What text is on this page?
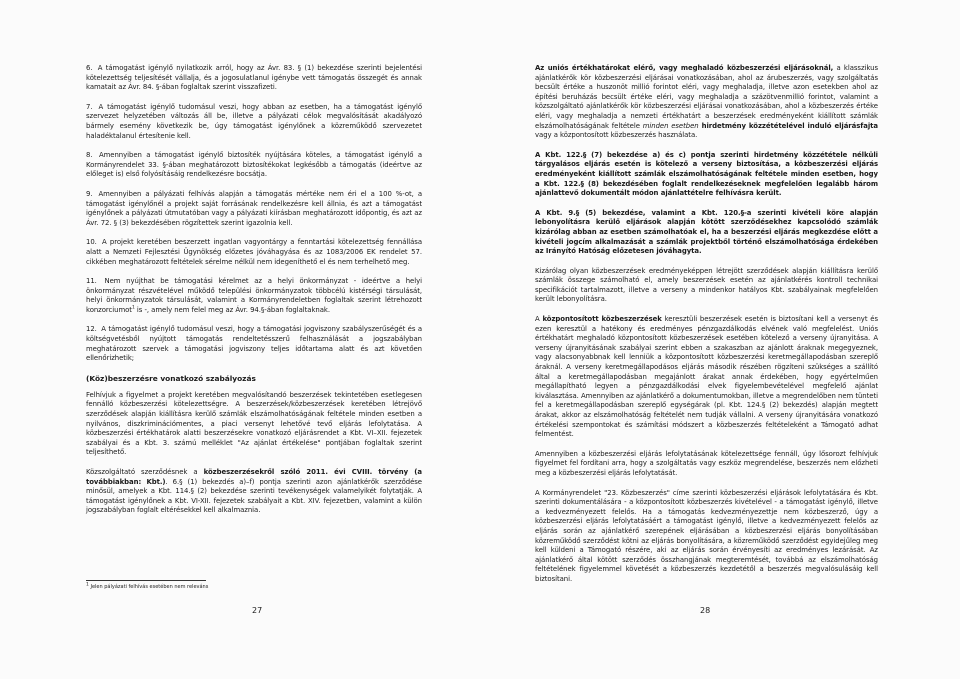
6. A támogatást igénylő nyilatkozik arról, hogy az Ávr. 83. § (1) bekezdése szerinti bejelentési kötelezettség teljesítését vállalja, és a jogosulatlanul igénybe vett támogatás összegét és annak kamatait az Ávr. 84. §-ában foglaltak szerint visszafizeti.
7. A támogatást igénylő tudomásul veszi, hogy abban az esetben, ha a támogatást igénylő szervezet helyzetében változás áll be, illetve a pályázati célok megvalósítását akadályozó bármely esemény következik be, úgy támogatást igénylőnek a közreműködő szervezetet haladéktalanul értesítenie kell.
8. Amennyiben a támogatást igénylő biztosíték nyújtására köteles, a támogatást igénylő a Kormányrendelet 33. §-ában meghatározott biztosítékokat legkésőbb a támogatás (ideértve az előleget is) első folyósításáig rendelkezésre bocsátja.
9. Amennyiben a pályázati felhívás alapján a támogatás mértéke nem éri el a 100 %-ot, a támogatást igénylőnél a projekt saját forrásának rendelkezésre kell állnia, és azt a támogatást igénylőnek a pályázati útmutatóban vagy a pályázati kiírásban meghatározott időpontig, és azt az Ávr. 72. § (3) bekezdésében rögzítettek szerint igazolnia kell.
10. A projekt keretében beszerzett ingatlan vagyontárgy a fenntartási kötelezettség fennállása alatt a Nemzeti Fejlesztési Ügynökség előzetes jóváhagyása és az 1083/2006 EK rendelet 57. cikkében meghatározott feltételek sérelme nélkül nem idegeníthető el és nem terhelhető meg.
11. Nem nyújthat be támogatási kérelmet az a helyi önkormányzat - ideértve a helyi önkormányzat részvételével működő települési önkormányzatok többcélú kistérségi társulását, helyi önkormányzatok társulását, valamint a Kormányrendeletben foglaltak szerint létrehozott konzorciumot$^1$ is -, amely nem felel meg az Ávr. 94.§-ában foglaltaknak.
12. A támogatást igénylő tudomásul veszi, hogy a támogatási jogviszony szabályszerűségét és a költségvetésből nyújtott támogatás rendeltetésszerű felhasználását a jogszabályban meghatározott szervek a támogatási jogviszony teljes időtartama alatt és azt követően ellenőrizhetik;
(Köz)beszerzésre vonatkozó szabályozás

Felhívjuk a figyelmet a projekt keretében megvalósítandó beszerzések tekintetében esetlegesen fennálló közbeszerzési kötelezettségre. A beszerzések/közbeszerzések keretében létrejövő szerződések alapján kiállításra kerülő számlák elszámolhatóságának feltétele minden esetben a nyilvános, diszkriminációmentes, a piaci versenyt lehetővé tevő eljárás lefolytatása. A közbeszerzési értékhatárok alatti beszerzésekre vonatkozó eljárásrendet a Kbt. VI–XII. fejezetek szabályai és a Kbt. 3. számú melléklet "Az ajánlat értékelése" pontjában foglaltak szerint teljesíthető.

Közszolgáltató szerződésnek a közbeszerzésekről szóló 2011. évi CVIII. törvény (a továbbiakban: Kbt.). 6.§ (1) bekezdés a)–f) pontja szerinti azon ajánlatkérők szerződése minősül, amelyek a Kbt. 114.§ (2) bekezdése szerinti tevékenységek valamelyikét folytatják. A támogatást igénylőnek a Kbt. VI-XII. fejezetek szabályait a Kbt. XIV. fejezetben, valamint a külön jogszabályban foglalt eltérésekkel kell alkalmaznia.

$^1$ Jelen pályázati felhívás esetében nem releváns
27

Az uniós értékhatárokat elérő, vagy meghaladó közbeszerzési eljárásoknál, a klasszikus ajánlatkérők kör közbeszerzési eljárásai vonatkozásában, ahol az árubeszerzés, vagy szolgáltatás becsült értéke a huszonöt millió forintot eléri, vagy meghaladja, illetve azon esetekben ahol az építési beruházás becsült értéke eléri, vagy meghaladja a százötvenmillió forintot, valamint a közszolgáltató ajánlatkérők kör közbeszerzési eljárásai vonatkozásában, ahol a közbeszerzés értéke eléri, vagy meghaladja a nemzeti értékhatárt a beszerzések eredményeként kiállított számlák elszámolhatóságának feltétele minden esetben hirdetmény közzétételével induló eljárásfajta vagy a központosított közbeszerzés használata.

A Kbt. 122.§ (7) bekezdése a) és c) pontja szerinti hirdetmény közzététele nélküli tárgyalásos eljárás esetén is kötelező a verseny biztosítása, a közbeszerzési eljárás eredményeként kiállított számlák elszámolhatóságának feltétele minden esetben, hogy a Kbt. 122.§ (8) bekezdésében foglalt rendelkezéseknek megfelelően legalább három ajánlattevő dokumentált módon ajánlattételre felhívásra került.

A Kbt. 9.§ (5) bekezdése, valamint a Kbt. 120.§-a szerinti kivételi köre alapján lebonyolításra kerülő eljárások alapján kötött szerződésekhez kapcsolódó számlák kizárólag abban az esetben számolhatóak el, ha a beszerzési eljárás megkezdése előtt a kivételi jogcím alkalmazását a számlák projektből történő elszámolhatósága érdekében az Irányító Hatóság előzetesen jóváhagyta.

Kizárólag olyan közbeszerzések eredményeképpen létrejött szerződések alapján kiállításra kerülő számlák összege számolható el, amely beszerzések esetén az ajánlatkérés kontroll technikai specifikációt tartalmazott, illetve a verseny a mindenkor hatályos Kbt. szabályainak megfelelően került lebonyolításra.

A központosított közbeszerzések keresztüli beszerzések esetén is biztosítani kell a versenyt és ezen keresztül a hatékony és eredményes pénzgazdálkodás elvének való megfelelést. Uniós értékhatárt meghaladó központosított közbeszerzések esetében kötelező a verseny újranyitása. A verseny újranyitásának szabályai szerint ebben a szakaszban az ajánlott áraknak megegyeznek, vagy alacsonyabbnak kell lenniük a központosított közbeszerzési keretmegállapodásban szereplő áraknál. A verseny keretmegállapodásos eljárás második részében rögzíteni szükséges a szállító által a keretmegállapodásban megajánlott árakat annak érdekében, hogy egyértelműen megállapítható legyen a pénzgazdálkodási elvek figyelembevételével megfelelő ajánlat kiválasztása. Amennyiben az ajánlatkérő a dokumentumokban, illetve a megrendelőben nem tünteti fel a keretmegállapodásban szereplő egységárak (pl. Kbt. 124.§ (2) bekezdés) alapján megtett árakat, akkor az elszámolhatóság feltételét nem tudják vállalni. A verseny újranyitására vonatkozó értékelési szempontokat és számítási módszert a közbeszerzés feltételeként a Támogató adhat felmentést.

Amennyiben a közbeszerzési eljárás lefolytatásának kötelezettsége fennáll, úgy lősorozt felhívjuk figyelmet fel fordítani arra, hogy a szolgáltatás vagy eszköz megrendelése, beszerzés nem előzheti meg a közbeszerzési eljárás lefolytatását.

A Kormányrendelet "23. Közbeszerzés" címe szerinti közbeszerzési eljárások lefolytatására és Kbt. szerinti dokumentálására - a központosított közbeszerzés kivételével - a támogatást igénylő, illetve a kedvezményezett felelős. Ha a támogatás kedvezményezettje nem közbeszerző, úgy a közbeszerzési eljárás lefolytatásáért a támogatást igénylő, illetve a kedvezményezett felelős az eljárás során az ajánlatkérő szerepének eljárásában a közbeszerzési eljárás bonyolításában közreműködő szerződést kötni az eljárás bonyolítására, a közreműködő szerződést egyidejűleg meg kell küldeni a Támogató részére, aki az eljárás során érvényesíti az eredményes lezárását. Az ajánlatkérő által kötött szerződés összhangjának megteremtését, továbbá az elszámolhatóság feltételének figyelemmel követését a közbeszerzés kezdetétől a beszerzés megvalósulásáig kell biztosítani.

28
